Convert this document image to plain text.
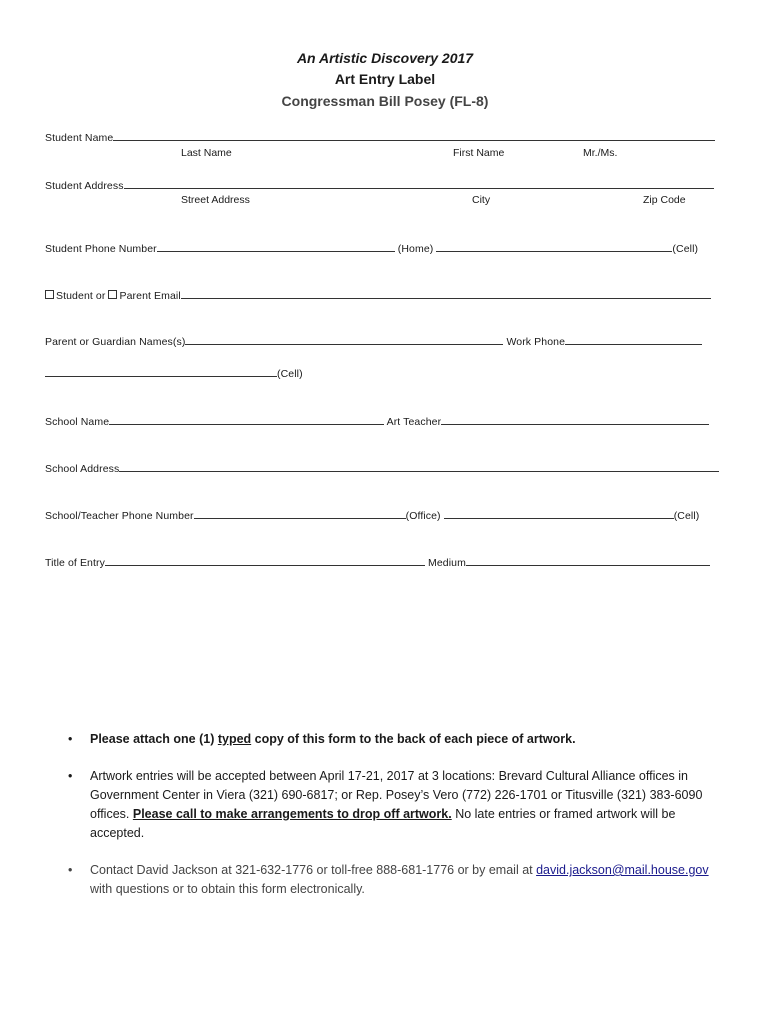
An Artistic Discovery 2017
Art Entry Label
Congressman Bill Posey (FL-8)
Student Name
Last Name	First Name	Mr./Ms.
Student Address
Street Address	City	Zip Code
Student Phone Number	(Home)	(Cell)
Student or Parent Email
Parent or Guardian Names(s)	Work Phone
(Cell)
School Name	Art Teacher
School Address
School/Teacher Phone Number	(Office)	(Cell)
Title of Entry	Medium
• Please attach one (1) typed copy of this form to the back of each piece of artwork.
• Artwork entries will be accepted between April 17-21, 2017 at 3 locations: Brevard Cultural Alliance offices in Government Center in Viera (321) 690-6817; or Rep. Posey’s Vero (772) 226-1701 or Titusville (321) 383-6090 offices. Please call to make arrangements to drop off artwork. No late entries or framed artwork will be accepted.
• Contact David Jackson at 321-632-1776 or toll-free 888-681-1776 or by email at david.jackson@mail.house.gov with questions or to obtain this form electronically.
